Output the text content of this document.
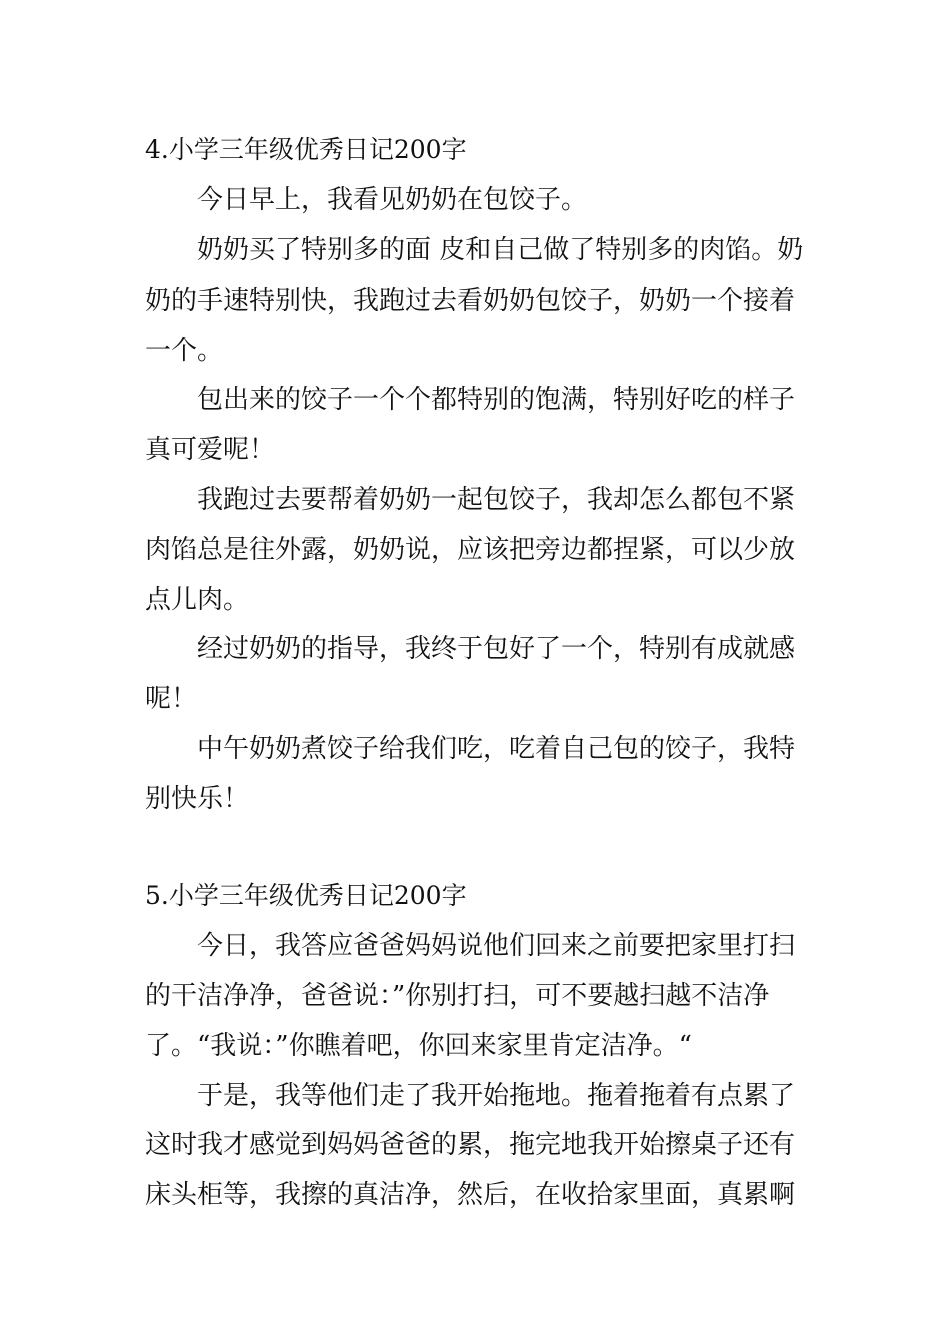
4.小学三年级优秀日记200字
今日早上，我看见奶奶在包饺子。
奶奶买了特别多的面 皮和自己做了特别多的肉馅。奶
奶的手速特别快，我跑过去看奶奶包饺子，奶奶一个接着
一个。
包出来的饺子一个个都特别的饱满，特别好吃的样子
真可爱呢！
我跑过去要帮着奶奶一起包饺子，我却怎么都包不紧
肉馅总是往外露，奶奶说，应该把旁边都捏紧，可以少放
点儿肉。
经过奶奶的指导，我终于包好了一个，特别有成就感
呢！
中午奶奶煮饺子给我们吃，吃着自己包的饺子，我特
别快乐！
5.小学三年级优秀日记200字
今日，我答应爸爸妈妈说他们回来之前要把家里打扫
的干洁净净，爸爸说：”你别打扫，可不要越扫越不洁净
了。“我说：”你瞧着吧，你回来家里肯定洁净。“
于是，我等他们走了我开始拖地。拖着拖着有点累了
这时我才感觉到妈妈爸爸的累，拖完地我开始擦桌子还有
床头柜等，我擦的真洁净，然后，在收拾家里面，真累啊
